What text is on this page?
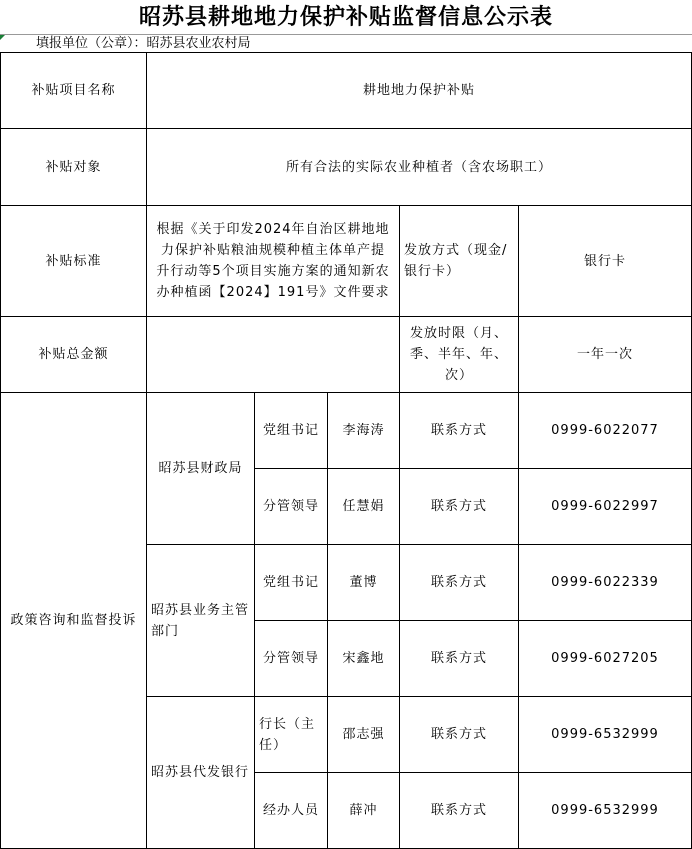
昭苏县耕地地力保护补贴监督信息公示表
填报单位（公章）：昭苏县农业农村局
补贴项目名称	耕地地力保护补贴				
补贴对象	所有合法的实际农业种植者（含农场职工）				
补贴标准	根据《关于印发2024年自治区耕地地力保护补贴粮油规模种植主体单产提升行动等5个项目实施方案的通知新农办种植函【2024】191号》文件要求			发放方式（现金/银行卡）	银行卡
补贴总金额				发放时限（月、季、半年、年、次）	一年一次
政策咨询和监督投诉	昭苏县财政局	党组书记	李海涛	联系方式	0999-6022077
		分管领导	任慧娟	联系方式	0999-6022997
	昭苏县业务主管部门	党组书记	董博	联系方式	0999-6022339
		分管领导	宋鑫地	联系方式	0999-6027205
	昭苏县代发银行	行长（主任）	邵志强	联系方式	0999-6532999
		经办人员	薛冲	联系方式	0999-6532999
